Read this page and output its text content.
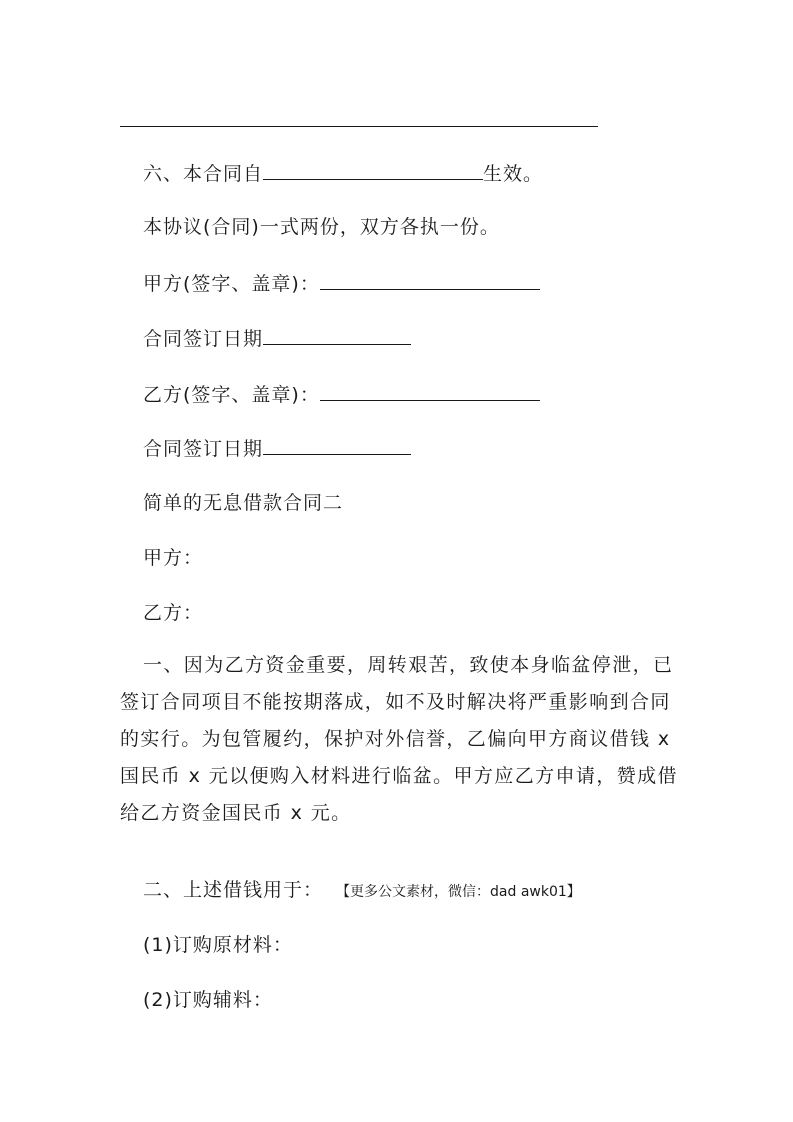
六、本合同自	生效。
本协议(合同)一式两份，双方各执一份。
甲方(签字、盖章)：
合同签订日期
乙方(签字、盖章)：
合同签订日期
简单的无息借款合同二
甲方：
乙方：
一、因为乙方资金重要，周转艰苦，致使本身临盆停泄，已签订合同项目不能按期落成，如不及时解决将严重影响到合同的实行。为包管履约，保护对外信誉，乙偏向甲方商议借钱 x 国民币 x 元以便购入材料进行临盆。甲方应乙方申请，赞成借给乙方资金国民币 x 元。
二、上述借钱用于： 【更多公文素材，微信：dad awk01】
(1)订购原材料：
(2)订购辅料：
